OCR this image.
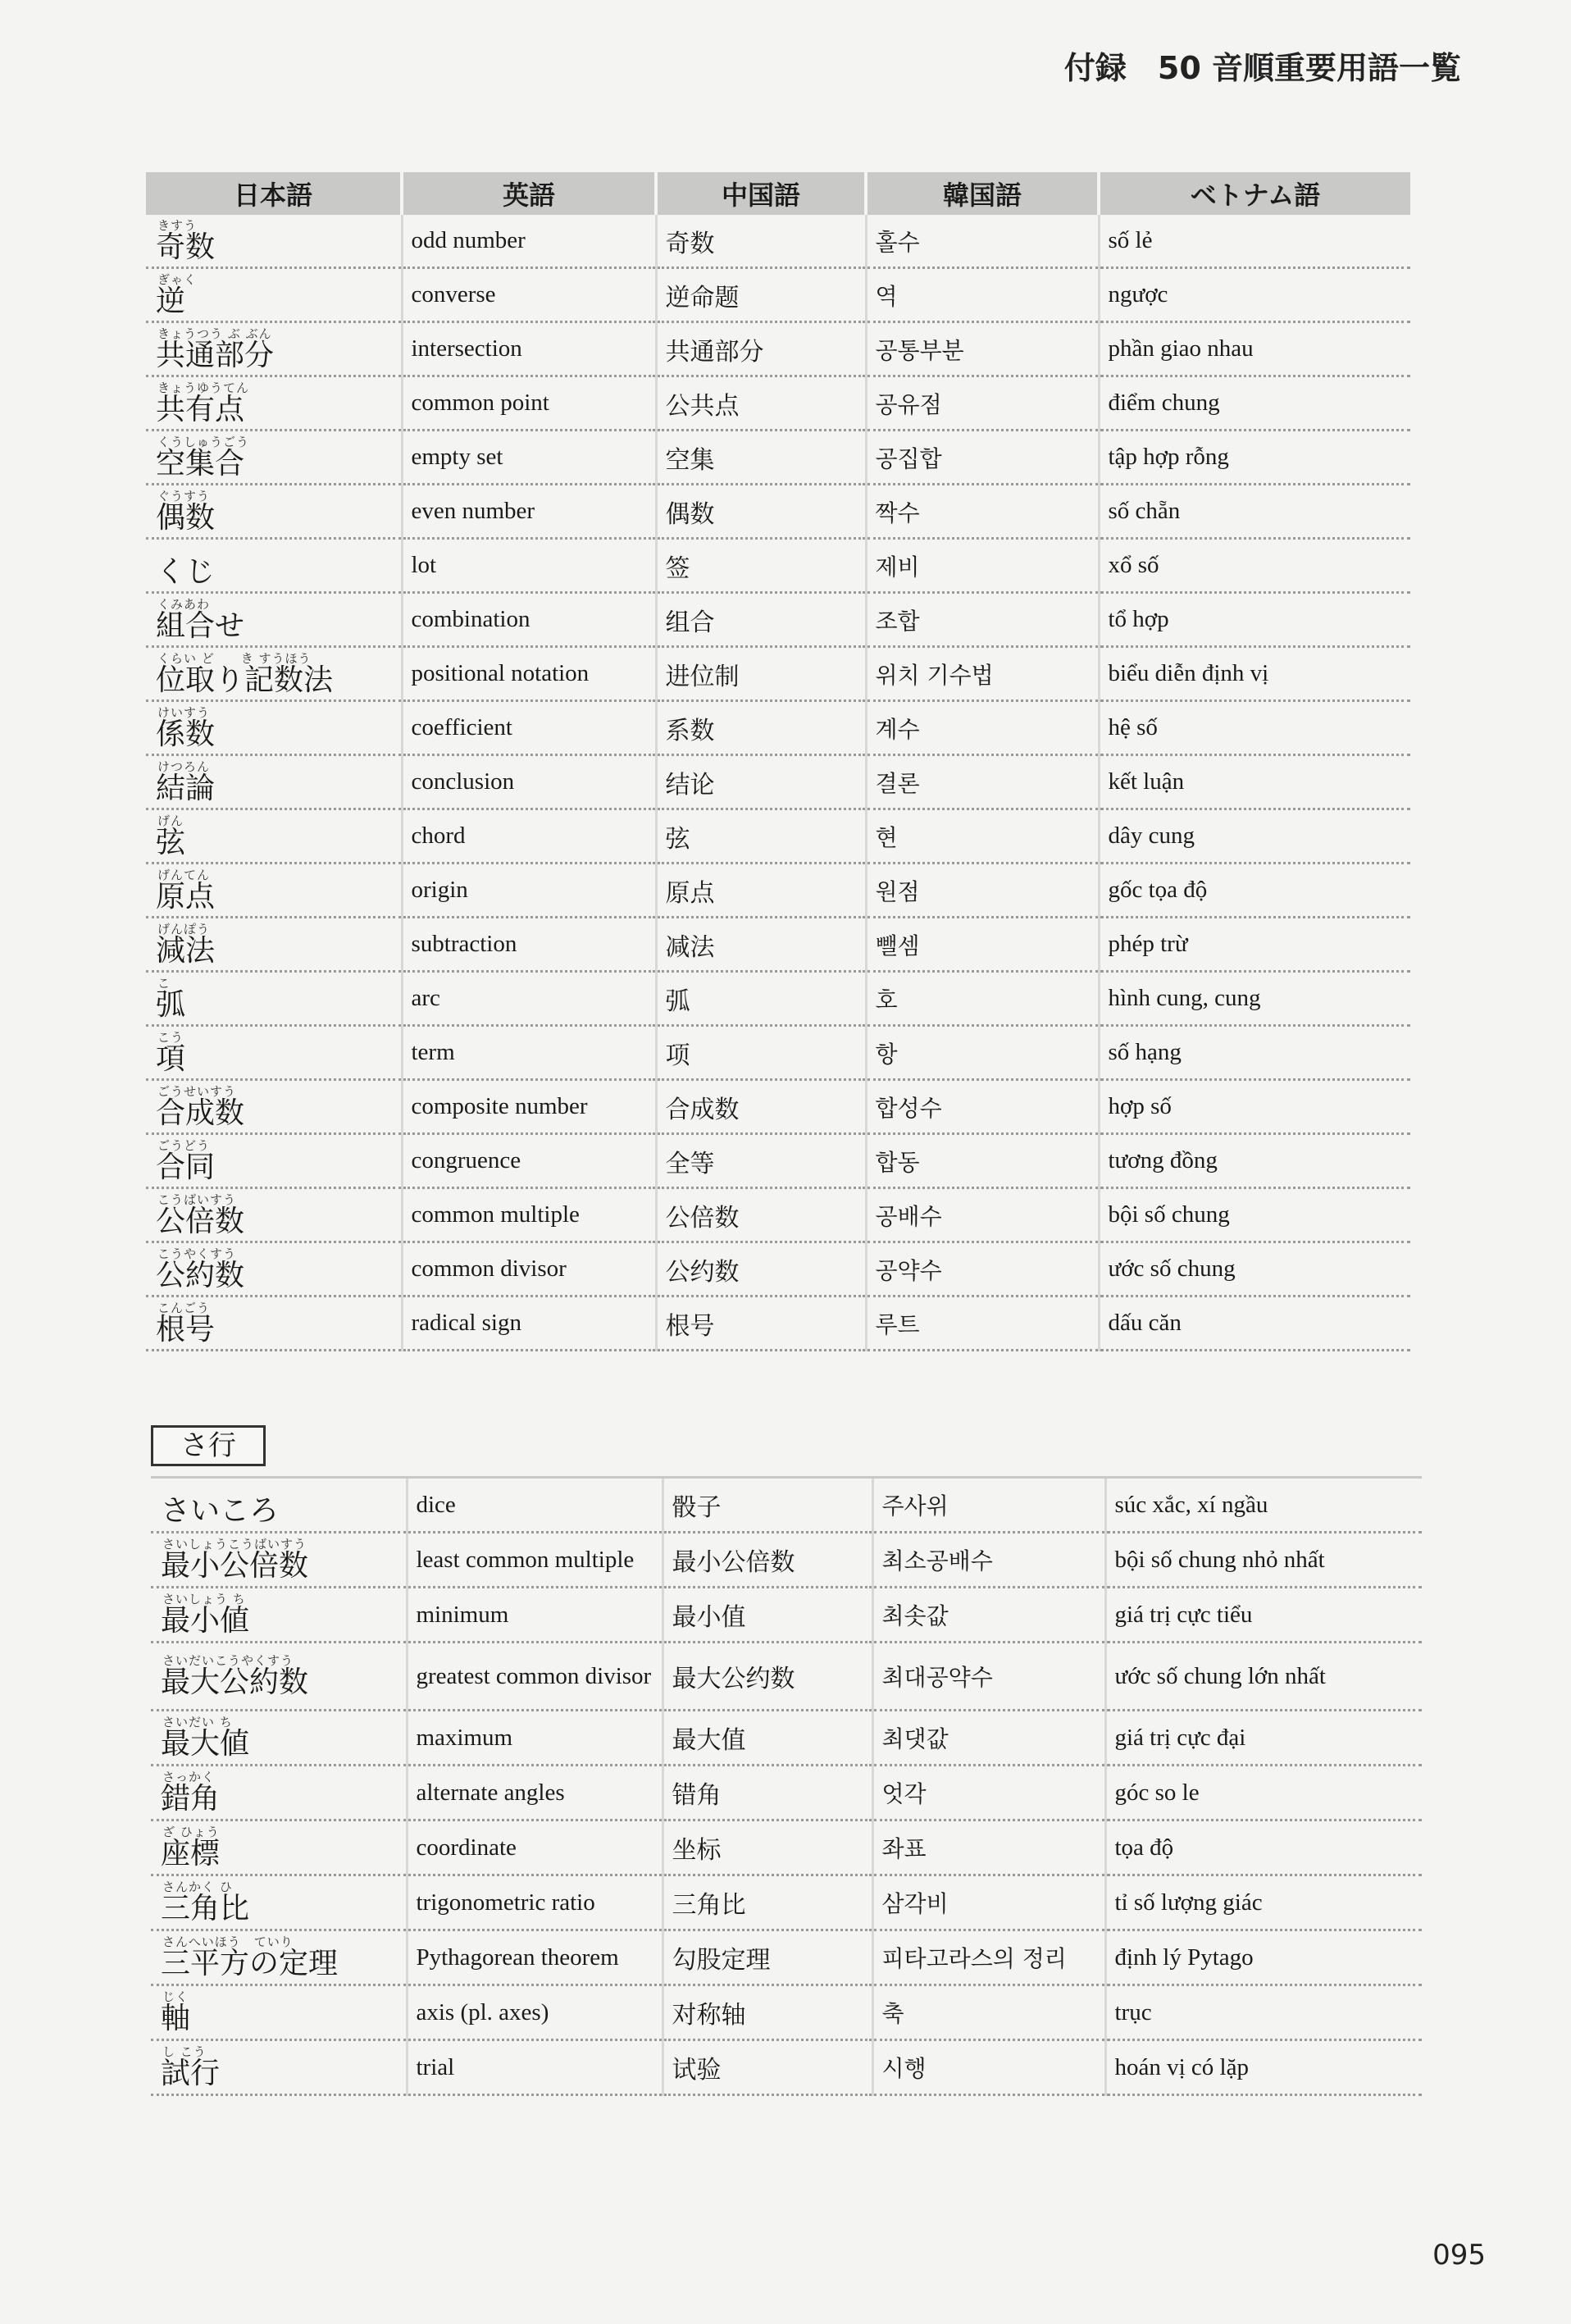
付録　50 音順重要用語一覧
日本語	英語	中国語	韓国語	ベトナム語

きすう
奇数	odd number	奇数	홀수	số lẻ

ぎゃく
逆	converse	逆命题	역	ngược

きょうつう ぶ ぶん
共通部分	intersection	共通部分	공통부분	phần giao nhau

きょうゆうてん
共有点	common point	公共点	공유점	điểm chung

くうしゅうごう
空集合	empty set	空集	공집합	tập hợp rỗng

ぐうすう
偶数	even number	偶数	짝수	số chẵn

くじ	lot	签	제비	xổ số

くみあわ
組合せ	combination	组合	조합	tổ hợp

くらい ど　　き すうほう
位取り記数法	positional notation	进位制	위치 기수법	biểu diễn định vị

けいすう
係数	coefficient	系数	계수	hệ số

けつろん
結論	conclusion	结论	결론	kết luận

げん
弦	chord	弦	현	dây cung

げんてん
原点	origin	原点	원점	gốc tọa độ

げんぽう
減法	subtraction	减法	뺄셈	phép trừ

こ
弧	arc	弧	호	hình cung, cung

こう
項	term	项	항	số hạng

ごうせいすう
合成数	composite number	合成数	합성수	hợp số

ごうどう
合同	congruence	全等	합동	tương đồng

こうばいすう
公倍数	common multiple	公倍数	공배수	bội số chung

こうやくすう
公約数	common divisor	公约数	공약수	ước số chung

こんごう
根号	radical sign	根号	루트	dấu căn
さ行
さいころ	dice	骰子	주사위	súc xắc, xí ngầu

さいしょうこうばいすう
最小公倍数	least common multiple	最小公倍数	최소공배수	bội số chung nhỏ nhất

さいしょう ち
最小値	minimum	最小值	최솟값	giá trị cực tiểu

さいだいこうやくすう
最大公約数	greatest common divisor	最大公约数	최대공약수	ước số chung lớn nhất

さいだい ち
最大値	maximum	最大值	최댓값	giá trị cực đại

さっかく
錯角	alternate angles	错角	엇각	góc so le

ざ ひょう
座標	coordinate	坐标	좌표	tọa độ

さんかく ひ
三角比	trigonometric ratio	三角比	삼각비	tỉ số lượng giác

さんへいほう　ていり
三平方の定理	Pythagorean theorem	勾股定理	피타고라스의 정리	định lý Pytago

じく
軸	axis (pl. axes)	对称轴	축	trục

し こう
試行	trial	试验	시행	hoán vị có lặp
095
